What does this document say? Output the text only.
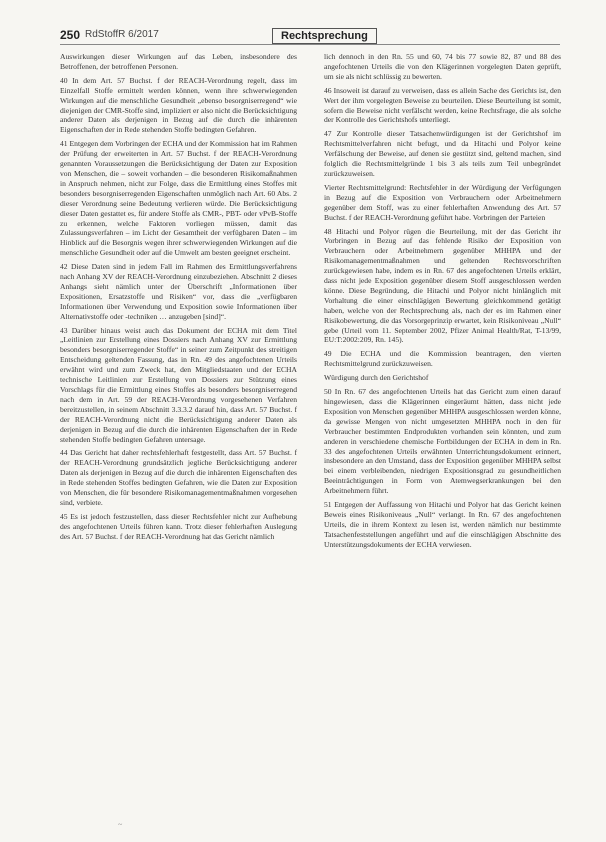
250 RdStoffR 6/2017	Rechtsprechung

Auswirkungen dieser Wirkungen auf das Leben, insbesondere des Betroffenen, der betroffenen Personen.

40 In dem Art. 57 Buchst. f der REACH-Verordnung regelt, dass im Einzelfall Stoffe ermittelt werden können, wenn ihre schwerwiegenden Wirkungen auf die menschliche Gesundheit „ebenso besorgniserregend“ wie diejenigen der CMR-Stoffe sind, impliziert er also nicht die Berücksichtigung anderer Daten als derjenigen in Bezug auf die durch die inhärenten Eigenschaften der in Rede stehenden Stoffe bedingten Gefahren.

41 Entgegen dem Vorbringen der ECHA und der Kommission hat im Rahmen der Prüfung der erweiterten in Art. 57 Buchst. f der REACH-Verordnung genannten Voraussetzungen die Berücksichtigung der Daten zur Exposition von Menschen, die – soweit vorhanden – die besonderen Risikomaßnahmen in Anspruch nehmen, nicht zur Folge, dass die Ermittlung eines Stoffes mit besonders besorgniserregenden Eigenschaften unmöglich nach Art. 60 Abs. 2 dieser Verordnung seine Bedeutung verlieren würde. Die Berücksichtigung dieser Daten gestattet es, für andere Stoffe als CMR-, PBT- oder vPvB-Stoffe zu erkennen, welche Faktoren vorliegen müssen, damit das Zulassungsverfahren – im Licht der Gesamtheit der verfügbaren Daten – im Hinblick auf die Besorgnis wegen ihrer schwerwiegenden Wirkungen auf die menschliche Gesundheit oder auf die Umwelt am besten geeignet erscheint.

42 Diese Daten sind in jedem Fall im Rahmen des Ermittlungsverfahrens nach Anhang XV der REACH-Verordnung einzubeziehen. Abschnitt 2 dieses Anhangs sieht nämlich unter der Überschrift „Informationen über Expositionen, Ersatzstoffe und Risiken“ vor, dass die „verfügbaren Informationen über Verwendung und Exposition sowie Informationen über Alternativstoffe oder -techniken … anzugeben [sind]“.

43 Darüber hinaus weist auch das Dokument der ECHA mit dem Titel „Leitlinien zur Erstellung eines Dossiers nach Anhang XV zur Ermittlung besonders besorgniserregender Stoffe“ in seiner zum Zeitpunkt des streitigen Entscheidung geltenden Fassung, das in Rn. 49 des angefochtenen Urteils erwähnt wird und zum Zweck hat, den Mitgliedstaaten und der ECHA technische Leitlinien zur Erstellung von Dossiers zur Stützung eines Vorschlags für die Ermittlung eines Stoffes als besonders besorgniserregend nach dem in Art. 59 der REACH-Verordnung vorgesehenen Verfahren bereitzustellen, in seinem Abschnitt 3.3.3.2 darauf hin, dass Art. 57 Buchst. f der REACH-Verordnung nicht die Berücksichtigung anderer Daten als derjenigen in Bezug auf die durch die inhärenten Eigenschaften der in Rede stehenden Stoffe bedingten Gefahren untersage.

44 Das Gericht hat daher rechtsfehlerhaft festgestellt, dass Art. 57 Buchst. f der REACH-Verordnung grundsätzlich jegliche Berücksichtigung anderer Daten als derjenigen in Bezug auf die durch die inhärenten Eigenschaften des in Rede stehenden Stoffes bedingten Gefahren, wie die Daten zur Exposition von Menschen, die für besondere Risikomanagementmaßnahmen vorgesehen sind, verbiete.

45 Es ist jedoch festzustellen, dass dieser Rechtsfehler nicht zur Aufhebung des angefochtenen Urteils führen kann. Trotz dieser fehlerhaften Auslegung des Art. 57 Buchst. f der REACH-Verordnung hat das Gericht nämlich

lich dennoch in den Rn. 55 und 60, 74 bis 77 sowie 82, 87 und 88 des angefochtenen Urteils die von den Klägerinnen vorgelegten Daten geprüft, um sie als nicht schlüssig zu bewerten.

46 Insoweit ist darauf zu verweisen, dass es allein Sache des Gerichts ist, den Wert der ihm vorgelegten Beweise zu beurteilen. Diese Beurteilung ist somit, sofern die Beweise nicht verfälscht werden, keine Rechtsfrage, die als solche der Kontrolle des Gerichtshofs unterliegt.

47 Zur Kontrolle dieser Tatsachenwürdigungen ist der Gerichtshof im Rechtsmittelverfahren nicht befugt, und da Hitachi und Polyor keine Verfälschung der Beweise, auf denen sie gestützt sind, geltend machen, sind folglich die Rechtsmittelgründe 1 bis 3 als teils zum Teil unbegründet zurückzuweisen.

Vierter Rechtsmittelgrund: Rechtsfehler in der Würdigung der Verfügungen in Bezug auf die Exposition von Verbrauchern oder Arbeitnehmern gegenüber dem Stoff, was zu einer fehlerhaften Anwendung des Art. 57 Buchst. f der REACH-Verordnung geführt habe. Vorbringen der Parteien

48 Hitachi und Polyor rügen die Beurteilung, mit der das Gericht ihr Vorbringen in Bezug auf das fehlende Risiko der Exposition von Verbrauchern oder Arbeitnehmern gegenüber MHHPA und der Risikomanagementmaßnahmen und geltenden Rechtsvorschriften zurückgewiesen habe, indem es in Rn. 67 des angefochtenen Urteils erklärt, dass nicht jede Exposition gegenüber diesem Stoff ausgeschlossen werden könne. Diese Begründung, die Hitachi und Polyor nicht hinlänglich mit Vorhaltung die einer einschlägigen Bewertung gleichkommend getätigt haben, welche von der Rechtsprechung als, nach der es im Rahmen einer Risikobewertung, die das Vorsorgeprinzip erwartet, kein Risikoniveau „Null“ gebe (Urteil vom 11. September 2002, Pfizer Animal Health/Rat, T-13/99, EU:T:2002:209, Rn. 145).

49 Die ECHA und die Kommission beantragen, den vierten Rechtsmittelgrund zurückzuweisen.

Würdigung durch den Gerichtshof

50 In Rn. 67 des angefochtenen Urteils hat das Gericht zum einen darauf hingewiesen, dass die Klägerinnen eingeräumt hätten, dass nicht jede Exposition von Menschen gegenüber MHHPA ausgeschlossen werden könne, da gewisse Mengen von nicht umgesetzten MHHPA noch in den für Verbraucher bestimmten Endprodukten vorhanden sein könnten, und zum anderen in verschiedene chemische Fortbildungen der ECHA in dem in Rn. 33 des angefochtenen Urteils erwähnten Unterrichtungsdokument erinnert, insbesondere an den Umstand, dass der Exposition gegenüber MHHPA selbst bei einem verbleibenden, niedrigen Expositionsgrad zu gesundheitlichen Beeinträchtigungen in Form von Atemwegserkrankungen bei den Arbeitnehmern führt.

51 Entgegen der Auffassung von Hitachi und Polyor hat das Gericht keinen Beweis eines Risikoniveaus „Null“ verlangt. In Rn. 67 des angefochtenen Urteils, die in ihrem Kontext zu lesen ist, werden nämlich nur bestimmte Tatsachenfeststellungen angeführt und auf die einschlägigen Abschnitte des Unterstützungsdokuments der ECHA verwiesen.

~
